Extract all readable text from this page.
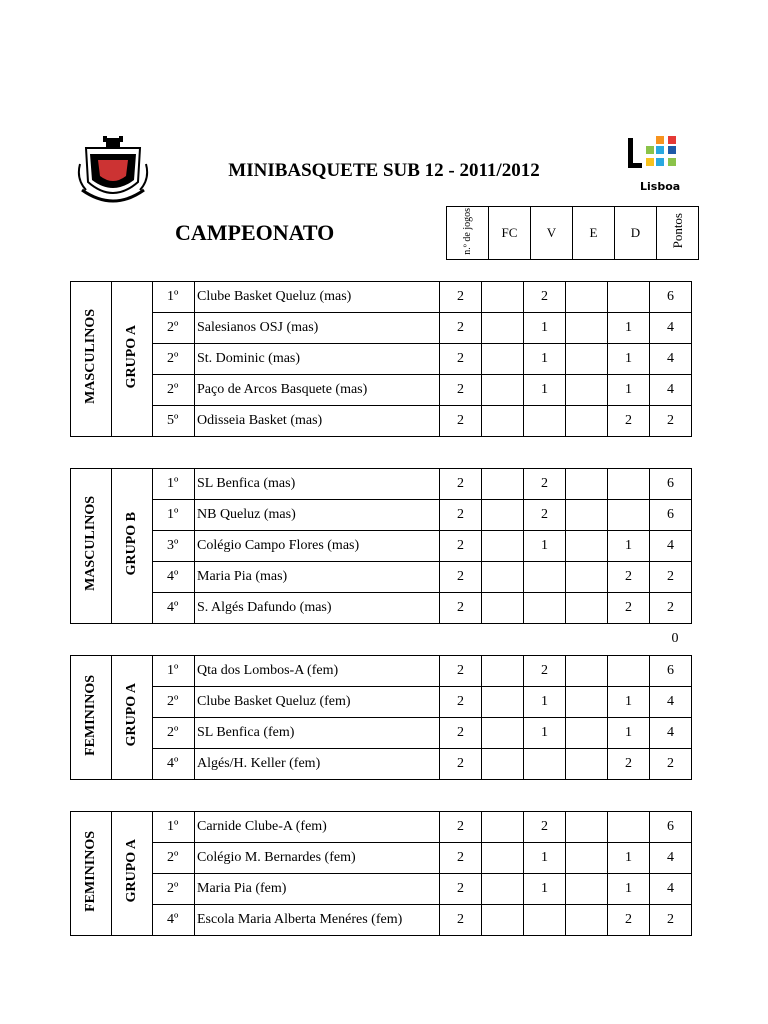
Lisboa
MINIBASQUETE SUB 12 - 2011/2012
CAMPEONATO	n.º de jogos	FC	V	E	D	Pontos
MASCULINOS	GRUPO A	1º	Clube Basket Queluz (mas)	2		2			6
		2º	Salesianos OSJ (mas)	2		1		1	4
		2º	St. Dominic (mas)	2		1		1	4
		2º	Paço de Arcos Basquete (mas)	2		1		1	4
		5º	Odisseia Basket (mas)	2				2	2
MASCULINOS	GRUPO B	1º	SL Benfica (mas)	2		2			6
		1º	NB Queluz (mas)	2		2			6
		3º	Colégio Campo Flores (mas)	2		1		1	4
		4º	Maria Pia (mas)	2				2	2
		4º	S. Algés Dafundo (mas)	2				2	2
FEMININOS	GRUPO A	1º	Qta dos Lombos-A (fem)	2		2			6
		2º	Clube Basket Queluz (fem)	2		1		1	4
		2º	SL Benfica (fem)	2		1		1	4
		4º	Algés/H. Keller (fem)	2				2	2
FEMININOS	GRUPO A	1º	Carnide Clube-A (fem)	2		2			6
		2º	Colégio M. Bernardes (fem)	2		1		1	4
		2º	Maria Pia (fem)	2		1		1	4
		4º	Escola Maria Alberta Menéres (fem)	2				2	2
0
